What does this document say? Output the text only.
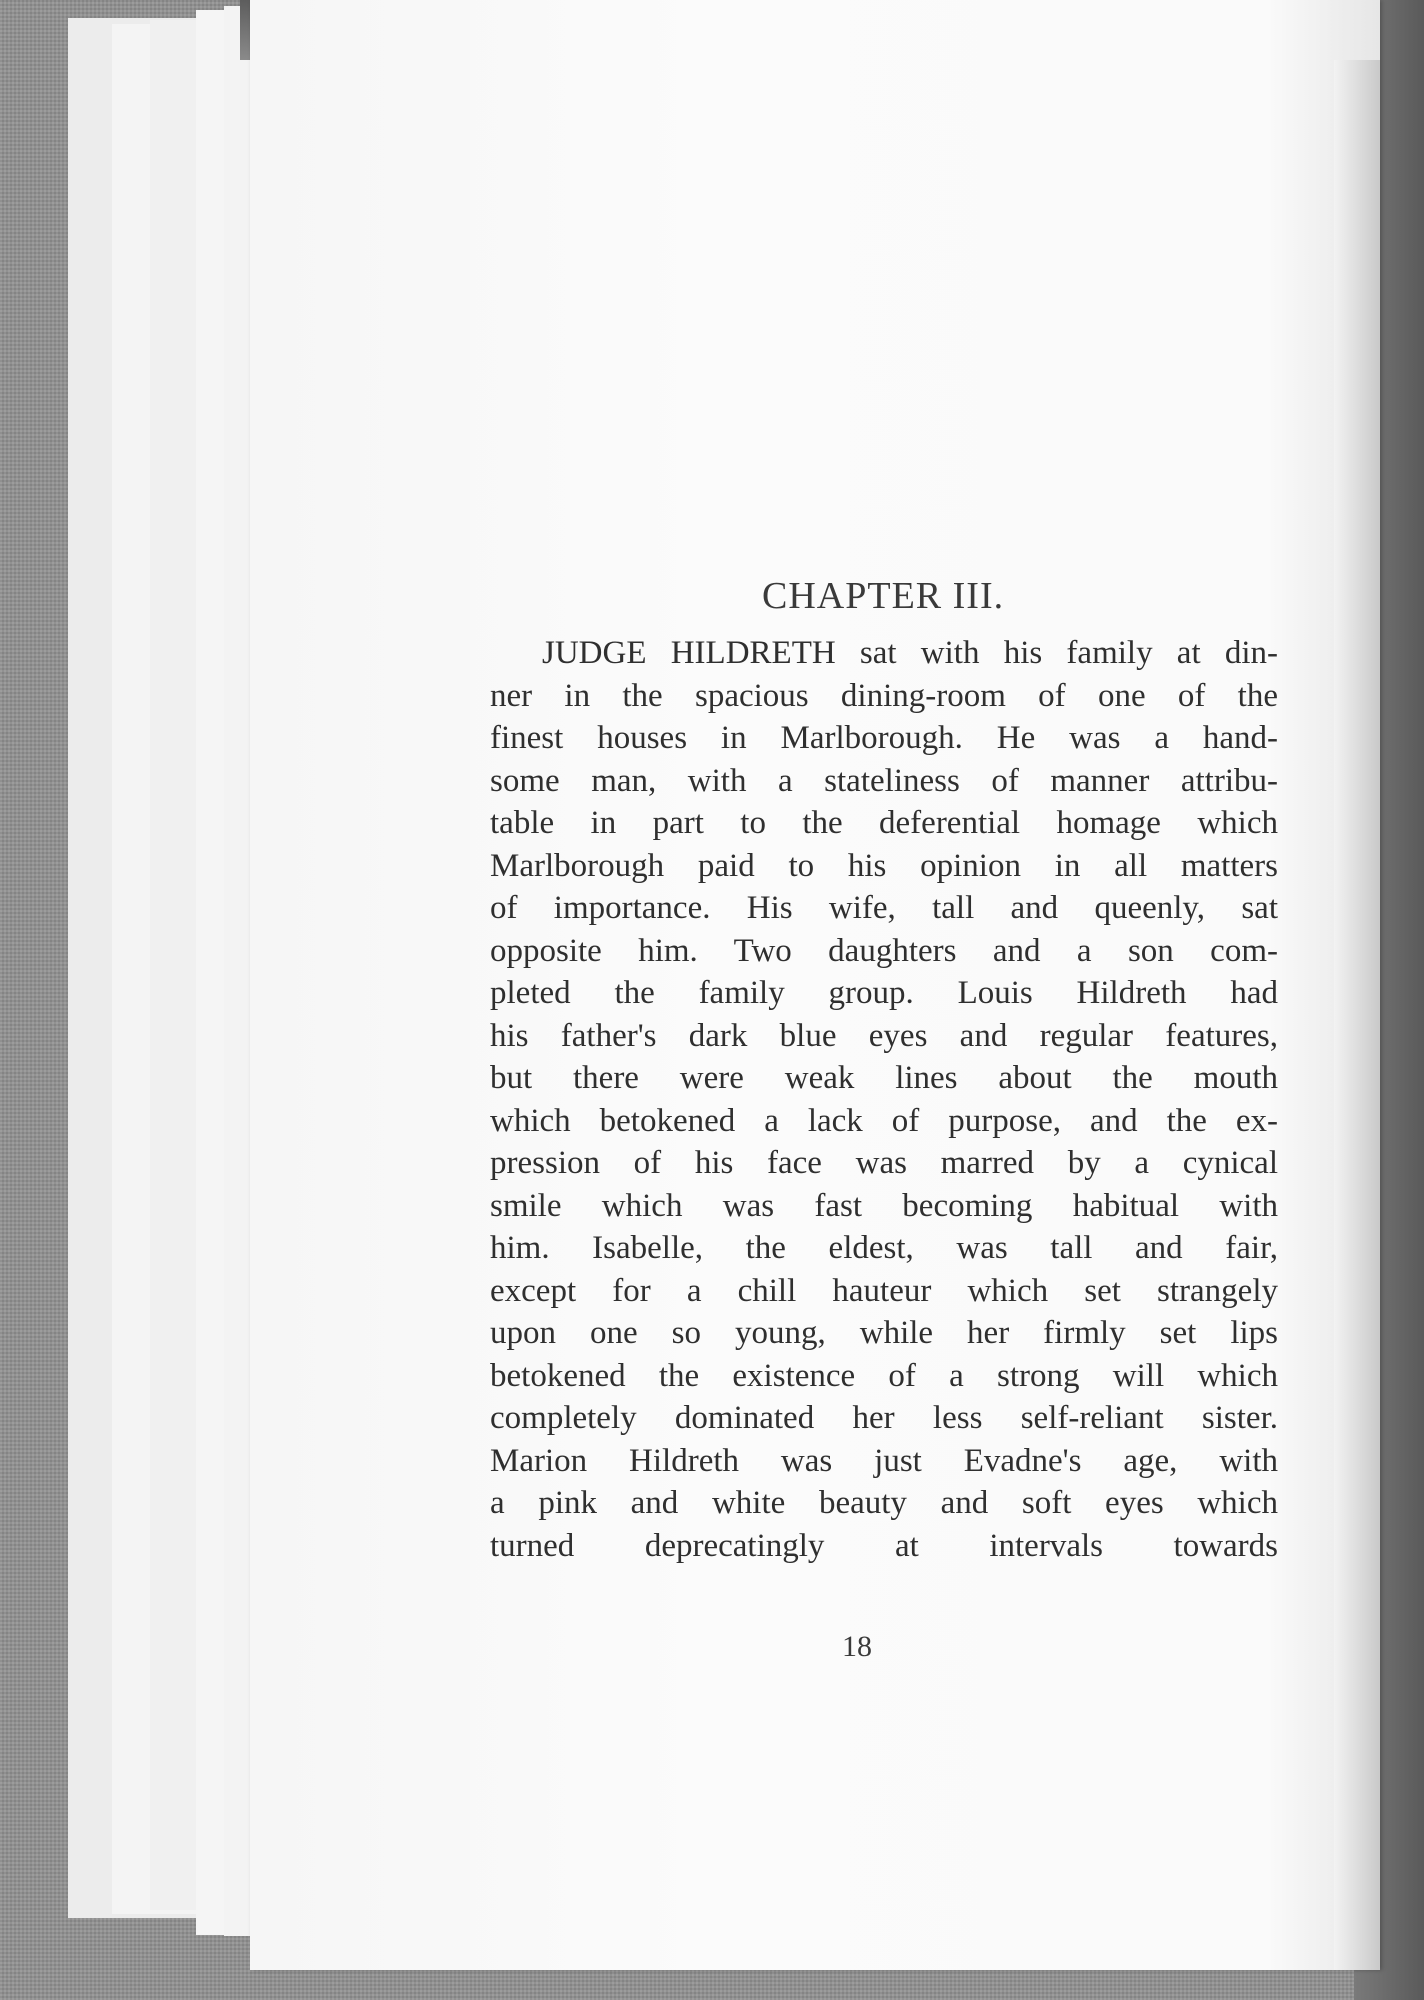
CHAPTER III.
JUDGE HILDRETH sat with his family at din-
ner in the spacious dining-room of one of the
finest houses in Marlborough. He was a hand-
some man, with a stateliness of manner attribu-
table in part to the deferential homage which
Marlborough paid to his opinion in all matters
of importance. His wife, tall and queenly, sat
opposite him. Two daughters and a son com-
pleted the family group. Louis Hildreth had
his father's dark blue eyes and regular features,
but there were weak lines about the mouth
which betokened a lack of purpose, and the ex-
pression of his face was marred by a cynical
smile which was fast becoming habitual with
him. Isabelle, the eldest, was tall and fair,
except for a chill hauteur which set strangely
upon one so young, while her firmly set lips
betokened the existence of a strong will which
completely dominated her less self-reliant sister.
Marion Hildreth was just Evadne's age, with
a pink and white beauty and soft eyes which
turned deprecatingly at intervals towards
18
